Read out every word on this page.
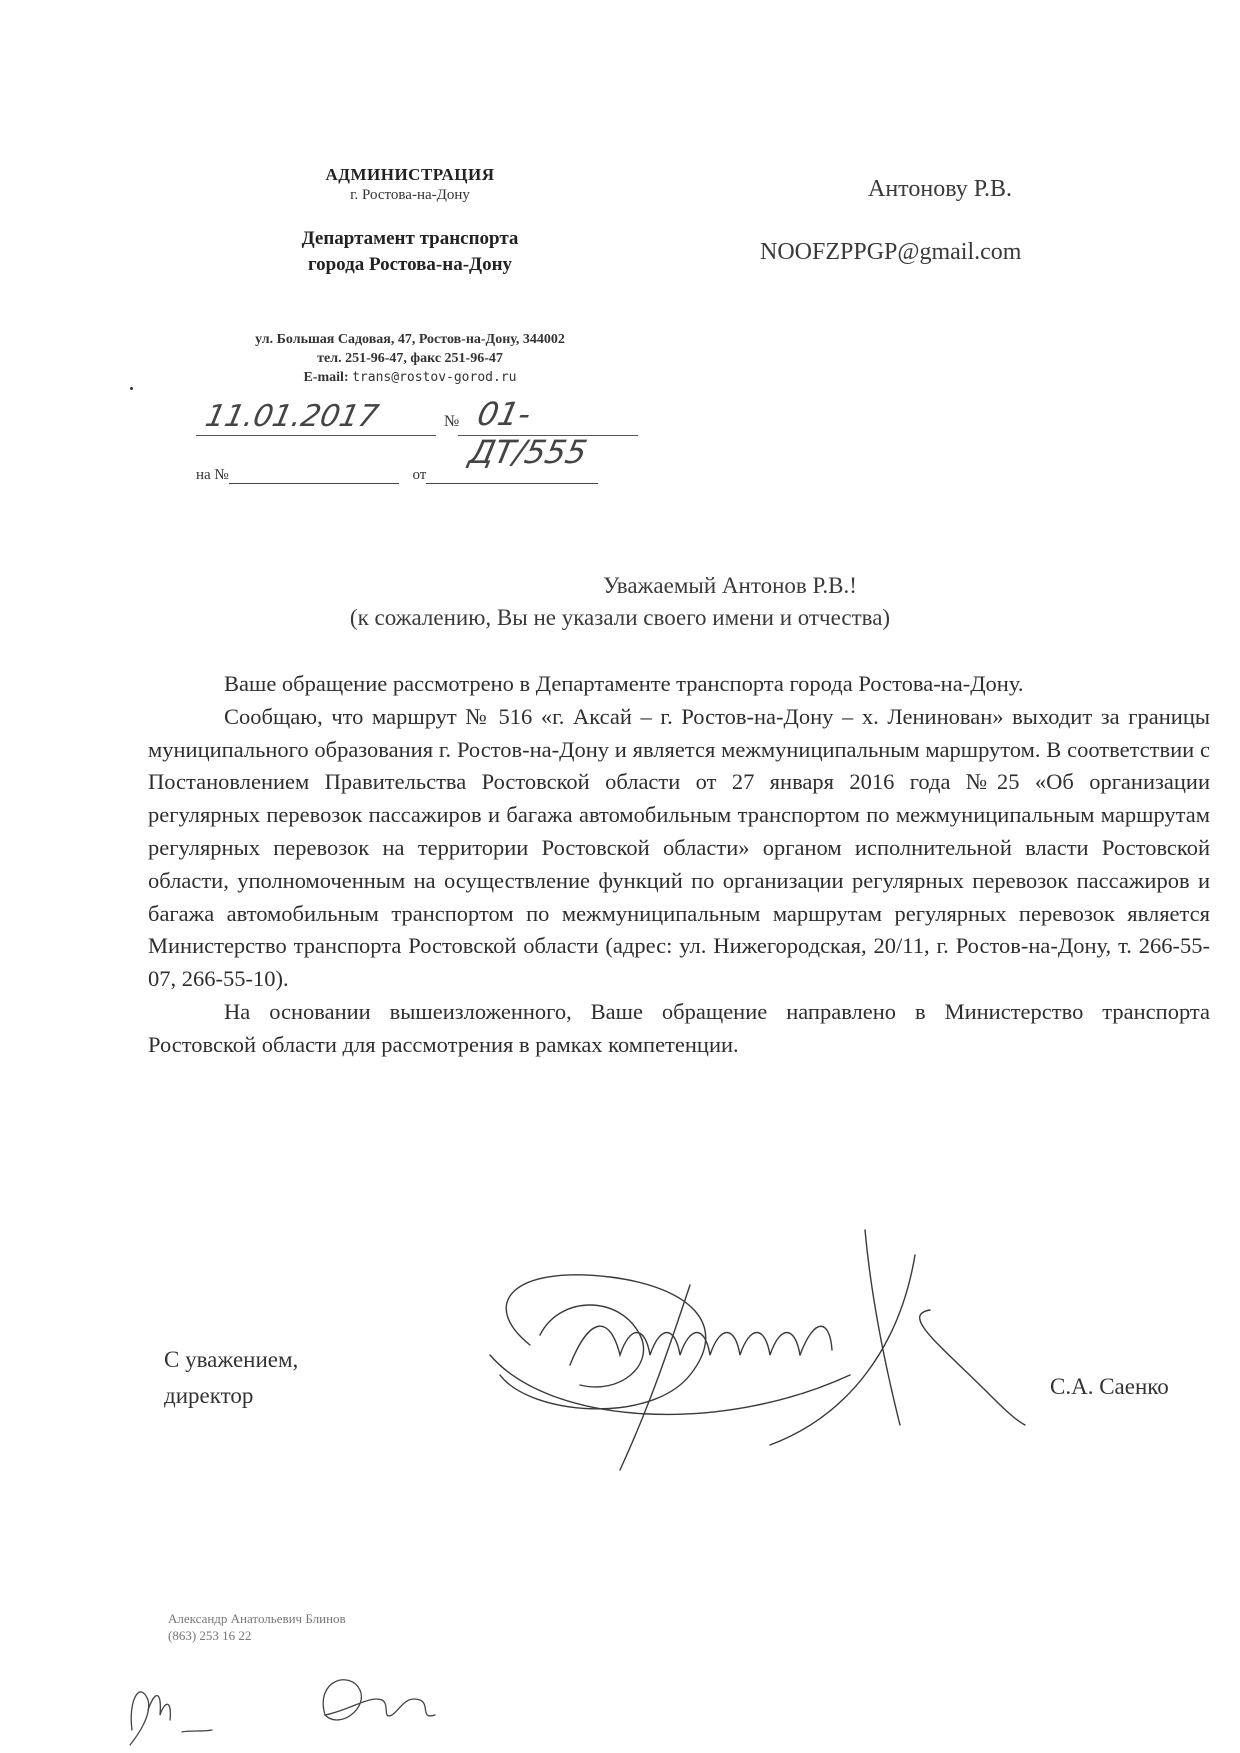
АДМИНИСТРАЦИЯ
г. Ростова-на-Дону
Департамент транспорта
города Ростова-на-Дону
ул. Большая Садовая, 47, Ростов-на-Дону, 344002
тел. 251-96-47, факс 251-96-47
E-mail: trans@rostov-gorod.ru
11.01.2017	№ 01-ДТ/555
на №	от
Антонову Р.В.
NOOFZPPGP@gmail.com
Уважаемый Антонов Р.В.!
(к сожалению, Вы не указали своего имени и отчества)

Ваше обращение рассмотрено в Департаменте транспорта города Ростова-на-Дону.

Сообщаю, что маршрут № 516 «г. Аксай – г. Ростов-на-Дону – х. Ленинован» выходит за границы муниципального образования г. Ростов-на-Дону и является межмуниципальным маршрутом. В соответствии с Постановлением Правительства Ростовской области от 27 января 2016 года №25 «Об организации регулярных перевозок пассажиров и багажа автомобильным транспортом по межмуниципальным маршрутам регулярных перевозок на территории Ростовской области» органом исполнительной власти Ростовской области, уполномоченным на осуществление функций по организации регулярных перевозок пассажиров и багажа автомобильным транспортом по межмуниципальным маршрутам регулярных перевозок является Министерство транспорта Ростовской области (адрес: ул. Нижегородская, 20/11, г. Ростов-на-Дону, т. 266-55-07, 266-55-10).

На основании вышеизложенного, Ваше обращение направлено в Министерство транспорта Ростовской области для рассмотрения в рамках компетенции.

С уважением,
директор	С.А. Саенко
Александр Анатольевич Блинов
(863) 253 16 22
